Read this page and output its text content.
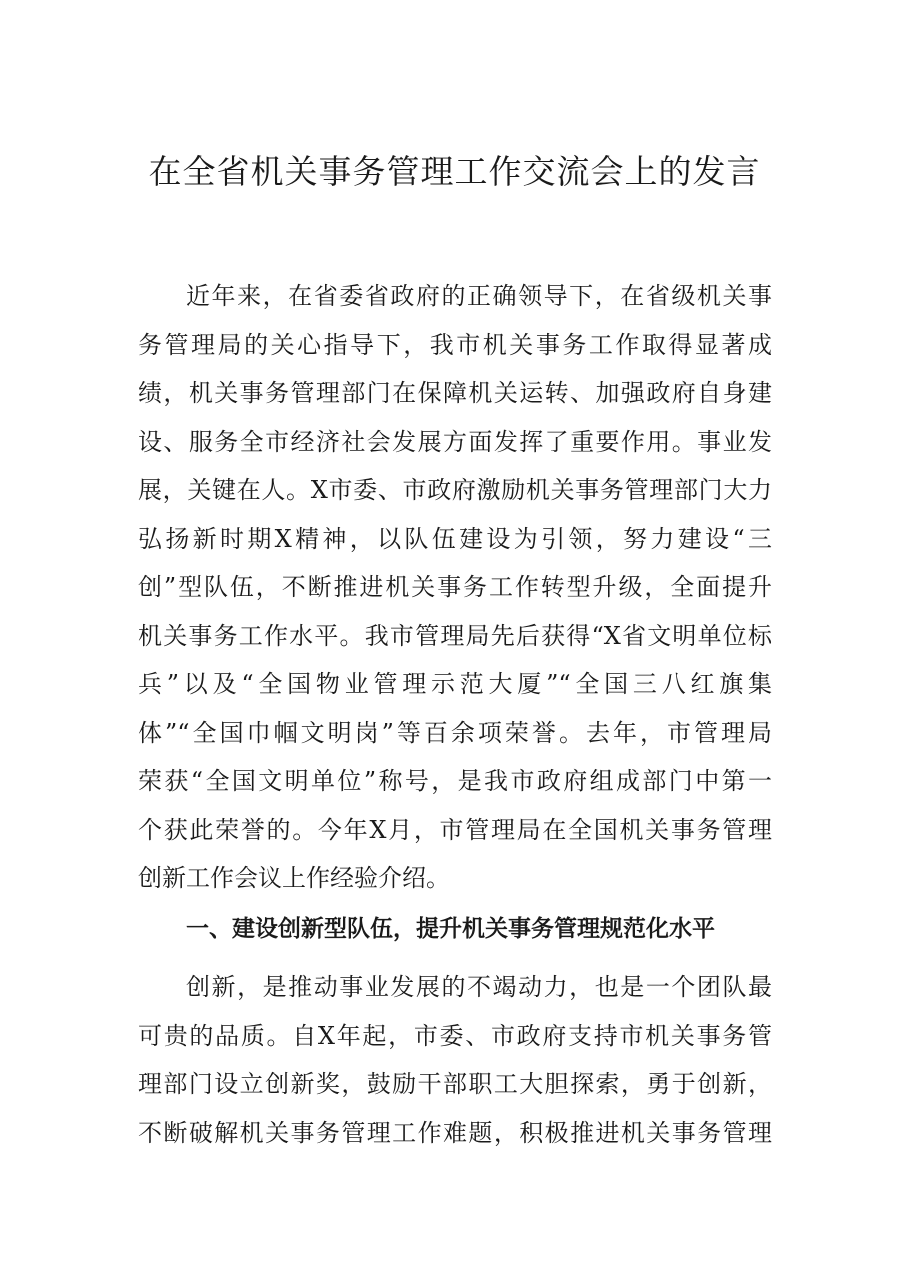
在全省机关事务管理工作交流会上的发言
近年来，在省委省政府的正确领导下，在省级机关事
务管理局的关心指导下，我市机关事务工作取得显著成
绩，机关事务管理部门在保障机关运转、加强政府自身建
设、服务全市经济社会发展方面发挥了重要作用。事业发
展，关键在人。X市委、市政府激励机关事务管理部门大力
弘扬新时期X精神，以队伍建设为引领，努力建设“三
创”型队伍，不断推进机关事务工作转型升级，全面提升
机关事务工作水平。我市管理局先后获得“X省文明单位标
兵”以及“全国物业管理示范大厦”“全国三八红旗集
体”“全国巾帼文明岗”等百余项荣誉。去年，市管理局
荣获“全国文明单位”称号，是我市政府组成部门中第一
个获此荣誉的。今年X月，市管理局在全国机关事务管理
创新工作会议上作经验介绍。
一、建设创新型队伍，提升机关事务管理规范化水平
创新，是推动事业发展的不竭动力，也是一个团队最
可贵的品质。自X年起，市委、市政府支持市机关事务管
理部门设立创新奖，鼓励干部职工大胆探索，勇于创新，
不断破解机关事务管理工作难题，积极推进机关事务管理
